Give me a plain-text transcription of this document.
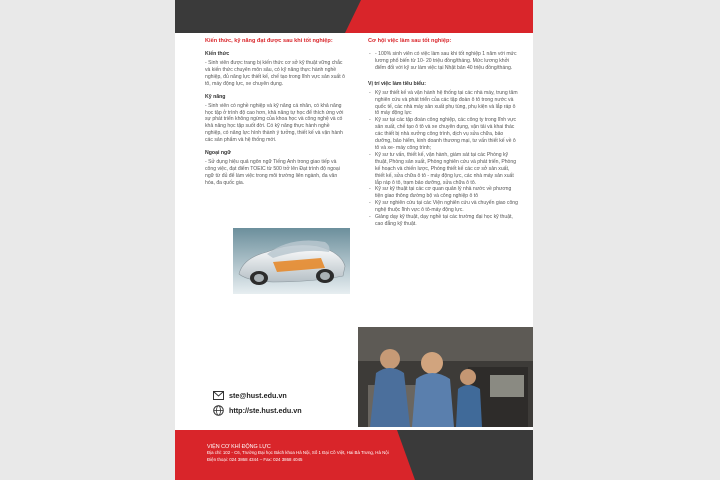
Kiến thức, kỹ năng đạt được sau khi tốt nghiệp:

Kiến thức

- Sinh viên được trang bị kiến thức cơ sở kỹ thuật vững chắc và kiến thức chuyên môn sâu, có kỹ năng thực hành nghề nghiệp, đủ năng lực thiết kế, chế tạo trong lĩnh vực sản xuất ô tô, máy động lực, xe chuyên dụng.

Kỹ năng

- Sinh viên có nghề nghiệp và kỹ năng cá nhân, có khả năng học tập ở trình độ cao hơn, khả năng tự học để thích ứng với sự phát triển không ngừng của khoa học và công nghệ và có khả năng học tập suốt đời. Có kỹ năng thực hành nghề nghiệp, có năng lực hình thành ý tưởng, thiết kế và vận hành các sản phẩm và hệ thống mới.

Ngoại ngữ

- Sử dụng hiệu quả ngôn ngữ Tiếng Anh trong giao tiếp và công việc, đạt điểm TOEIC từ 500 trở lên Đạt trình độ ngoại ngữ từ đủ để làm việc trong môi trường liên ngành, đa văn hóa, đa quốc gia.

Cơ hội việc làm sau tốt nghiệp:

- - 100% sinh viên có việc làm sau khi tốt nghiệp 1 năm với mức lương phổ biến từ 10- 20 triệu đồng/tháng. Mức lương khởi điểm đối với kỹ sư làm việc tại Nhật bản 40 triệu đồng/tháng.

Vị trí việc làm tiêu biểu:

- Kỹ sư thiết kế và vận hành hệ thống tại các nhà máy, trung tâm nghiên cứu và phát triển của các tập đoàn ô tô trong nước và quốc tế, các nhà máy sản xuất phụ tùng, phụ kiện và lắp ráp ô tô máy động lực
- Kỹ sư tại các tập đoàn công nghiệp, các công ty trong lĩnh vực sản xuất, chế tạo ô tô và xe chuyên dụng, vận tải và khai thác các thiết bị nhà xưởng công trình, dịch vụ sửa chữa, bảo dưỡng, bảo hiểm, kinh doanh thương mại, tư vấn thiết kế về ô tô và xe- máy công trình;
- Kỹ sư tư vấn, thiết kế, vận hành, giám sát tại các Phòng kỹ thuật, Phòng sản xuất, Phòng nghiên cứu và phát triển, Phòng kế hoạch và chiến lược, Phòng thiết kế các cơ sở sản xuất, thiết kế, sửa chữa ô tô - máy động lực, các nhà máy sản xuất lắp ráp ô tô, trạm bảo dưỡng, sửa chữa ô tô.
- Kỹ sư kỹ thuật tại các cơ quan quản lý nhà nước về phương tiện giao thông đường bộ và công nghiệp ô tô
- Kỹ sư nghiên cứu tại các Viện nghiên cứu và chuyển giao công nghệ thuộc lĩnh vực ô tô-máy động lực.
- Giảng dạy kỹ thuật, dạy nghề tại các trường đại học kỹ thuật, cao đẳng kỹ thuật.
ste@hust.edu.vn
http://ste.hust.edu.vn
VIỆN CƠ KHÍ ĐỘNG LỰC
Địa chỉ: 102 - C6, Trường Đại học Bách khoa Hà Nội, Số 1 Đại Cồ Việt, Hai Bà Trưng, Hà Nội
Điện thoại: 024 3868 4344 – Fax: 024 3868 4045
